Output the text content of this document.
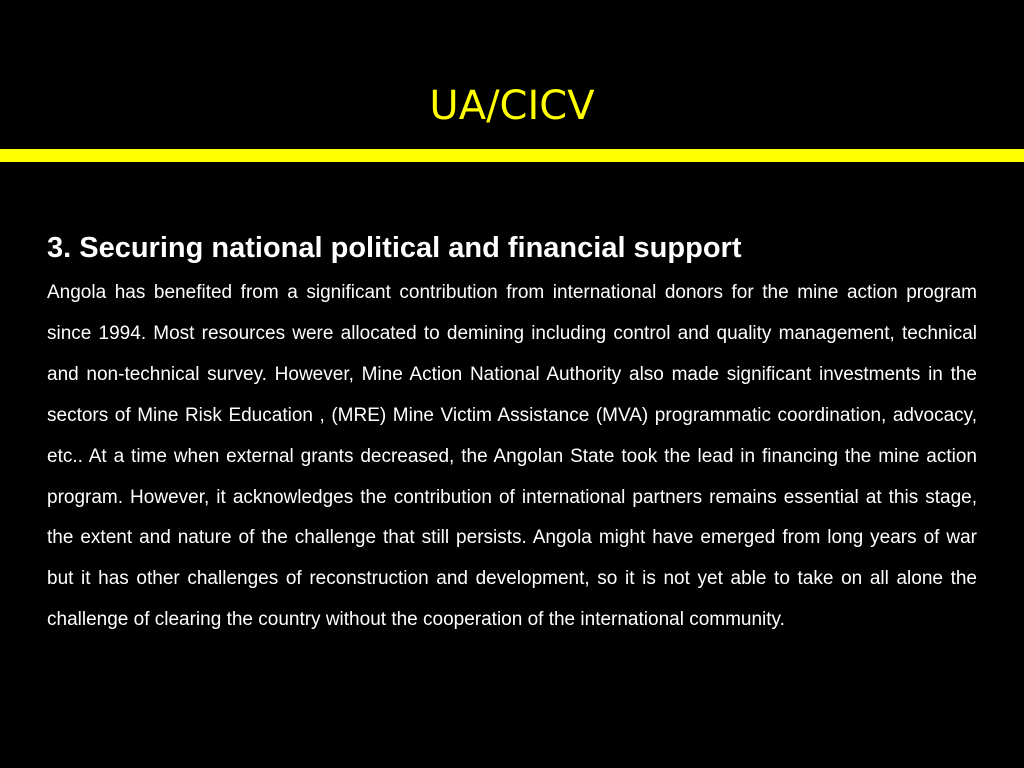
UA/CICV
3. Securing national political and financial support

Angola has benefited from a significant contribution from international donors for the mine action program since 1994. Most resources were allocated to demining including control and quality management, technical and non-technical survey. However, Mine Action National Authority also made significant investments in the sectors of Mine Risk Education , (MRE) Mine Victim Assistance (MVA) programmatic coordination, advocacy, etc.. At a time when external grants decreased, the Angolan State took the lead in financing the mine action program. However, it acknowledges the contribution of international partners remains essential at this stage, the extent and nature of the challenge that still persists. Angola might have emerged from long years of war but it has other challenges of reconstruction and development, so it is not yet able to take on all alone the challenge of clearing the country without the cooperation of the international community.
